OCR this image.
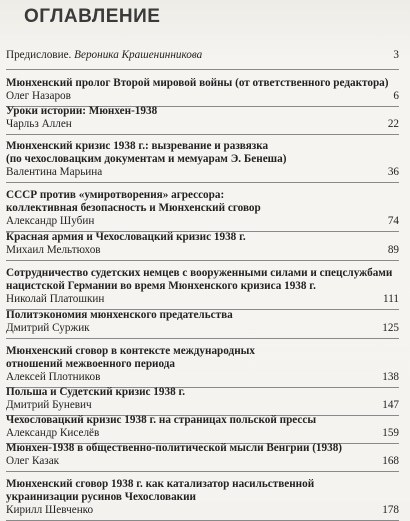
ОГЛАВЛЕНИЕ
Предисловие. Вероника Крашенинникова	3
Мюнхенский пролог Второй мировой войны (от ответственного редактора)
Олег Назаров	6
Уроки истории: Мюнхен-1938
Чарльз Аллен	22
Мюнхенский кризис 1938 г.: вызревание и развязка
(по чехословацким документам и мемуарам Э. Бенеша)
Валентина Марьина	36
СССР против «умиротворения» агрессора:
коллективная безопасность и Мюнхенский сговор
Александр Шубин	74
Красная армия и Чехословацкий кризис 1938 г.
Михаил Мельтюхов	89
Сотрудничество судетских немцев с вооруженными силами и спецслужбами
нацистской Германии во время Мюнхенского кризиса 1938 г.
Николай Платошкин	111
Политэкономия мюнхенского предательства
Дмитрий Суржик	125
Мюнхенский сговор в контексте международных
отношений межвоенного периода
Алексей Плотников	138
Польша и Судетский кризис 1938 г.
Дмитрий Буневич	147
Чехословацкий кризис 1938 г. на страницах польской прессы
Александр Киселёв	159
Мюнхен-1938 в общественно-политической мысли Венгрии (1938)
Олег Казак	168
Мюнхенский сговор 1938 г. как катализатор насильственной
украинизации русинов Чехословакии
Кирилл Шевченко	178
